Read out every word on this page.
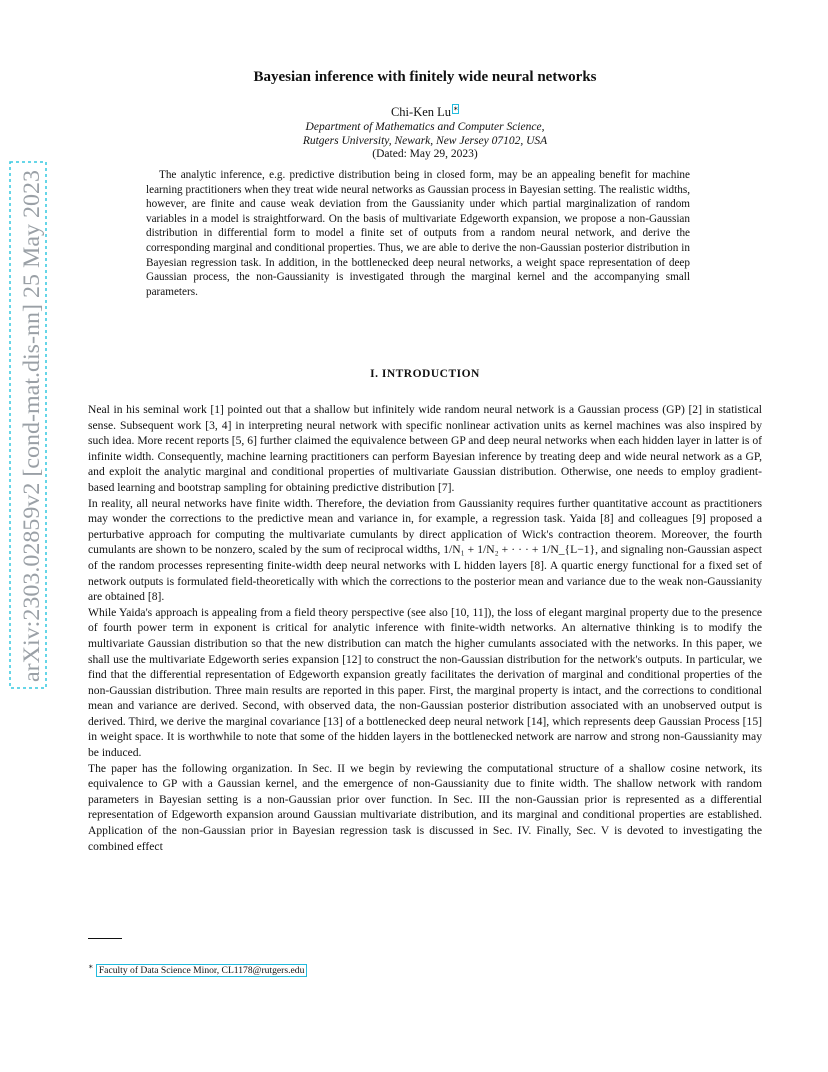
arXiv:2303.02859v2 [cond-mat.dis-nn] 25 May 2023
Bayesian inference with finitely wide neural networks
Chi-Ken Lu ∗
Department of Mathematics and Computer Science,
Rutgers University, Newark, New Jersey 07102, USA
(Dated: May 29, 2023)

The analytic inference, e.g. predictive distribution being in closed form, may be an appealing benefit for machine learning practitioners when they treat wide neural networks as Gaussian process in Bayesian setting. The realistic widths, however, are finite and cause weak deviation from the Gaussianity under which partial marginalization of random variables in a model is straightforward. On the basis of multivariate Edgeworth expansion, we propose a non-Gaussian distribution in differential form to model a finite set of outputs from a random neural network, and derive the corresponding marginal and conditional properties. Thus, we are able to derive the non-Gaussian posterior distribution in Bayesian regression task. In addition, in the bottlenecked deep neural networks, a weight space representation of deep Gaussian process, the non-Gaussianity is investigated through the marginal kernel and the accompanying small parameters.

I. INTRODUCTION

Neal in his seminal work [1] pointed out that a shallow but infinitely wide random neural network is a Gaussian process (GP) [2] in statistical sense. Subsequent work [3, 4] in interpreting neural network with specific nonlinear activation units as kernel machines was also inspired by such idea. More recent reports [5, 6] further claimed the equivalence between GP and deep neural networks when each hidden layer in latter is of infinite width. Consequently, machine learning practitioners can perform Bayesian inference by treating deep and wide neural network as a GP, and exploit the analytic marginal and conditional properties of multivariate Gaussian distribution. Otherwise, one needs to employ gradient-based learning and bootstrap sampling for obtaining predictive distribution [7].

In reality, all neural networks have finite width. Therefore, the deviation from Gaussianity requires further quantitative account as practitioners may wonder the corrections to the predictive mean and variance in, for example, a regression task. Yaida [8] and colleagues [9] proposed a perturbative approach for computing the multivariate cumulants by direct application of Wick's contraction theorem. Moreover, the fourth cumulants are shown to be nonzero, scaled by the sum of reciprocal widths, 1/N₁ + 1/N₂ + · · · + 1/N_{L−1}, and signaling non-Gaussian aspect of the random processes representing finite-width deep neural networks with L hidden layers [8]. A quartic energy functional for a fixed set of network outputs is formulated field-theoretically with which the corrections to the posterior mean and variance due to the weak non-Gaussianity are obtained [8].

While Yaida's approach is appealing from a field theory perspective (see also [10, 11]), the loss of elegant marginal property due to the presence of fourth power term in exponent is critical for analytic inference with finite-width networks. An alternative thinking is to modify the multivariate Gaussian distribution so that the new distribution can match the higher cumulants associated with the networks. In this paper, we shall use the multivariate Edgeworth series expansion [12] to construct the non-Gaussian distribution for the network's outputs. In particular, we find that the differential representation of Edgeworth expansion greatly facilitates the derivation of marginal and conditional properties of the non-Gaussian distribution. Three main results are reported in this paper. First, the marginal property is intact, and the corrections to conditional mean and variance are derived. Second, with observed data, the non-Gaussian posterior distribution associated with an unobserved output is derived. Third, we derive the marginal covariance [13] of a bottlenecked deep neural network [14], which represents deep Gaussian Process [15] in weight space. It is worthwhile to note that some of the hidden layers in the bottlenecked network are narrow and strong non-Gaussianity may be induced.

The paper has the following organization. In Sec. II we begin by reviewing the computational structure of a shallow cosine network, its equivalence to GP with a Gaussian kernel, and the emergence of non-Gaussianity due to finite width. The shallow network with random parameters in Bayesian setting is a non-Gaussian prior over function. In Sec. III the non-Gaussian prior is represented as a differential representation of Edgeworth expansion around Gaussian multivariate distribution, and its marginal and conditional properties are established. Application of the non-Gaussian prior in Bayesian regression task is discussed in Sec. IV. Finally, Sec. V is devoted to investigating the combined effect

∗ Faculty of Data Science Minor, CL1178@rutgers.edu
